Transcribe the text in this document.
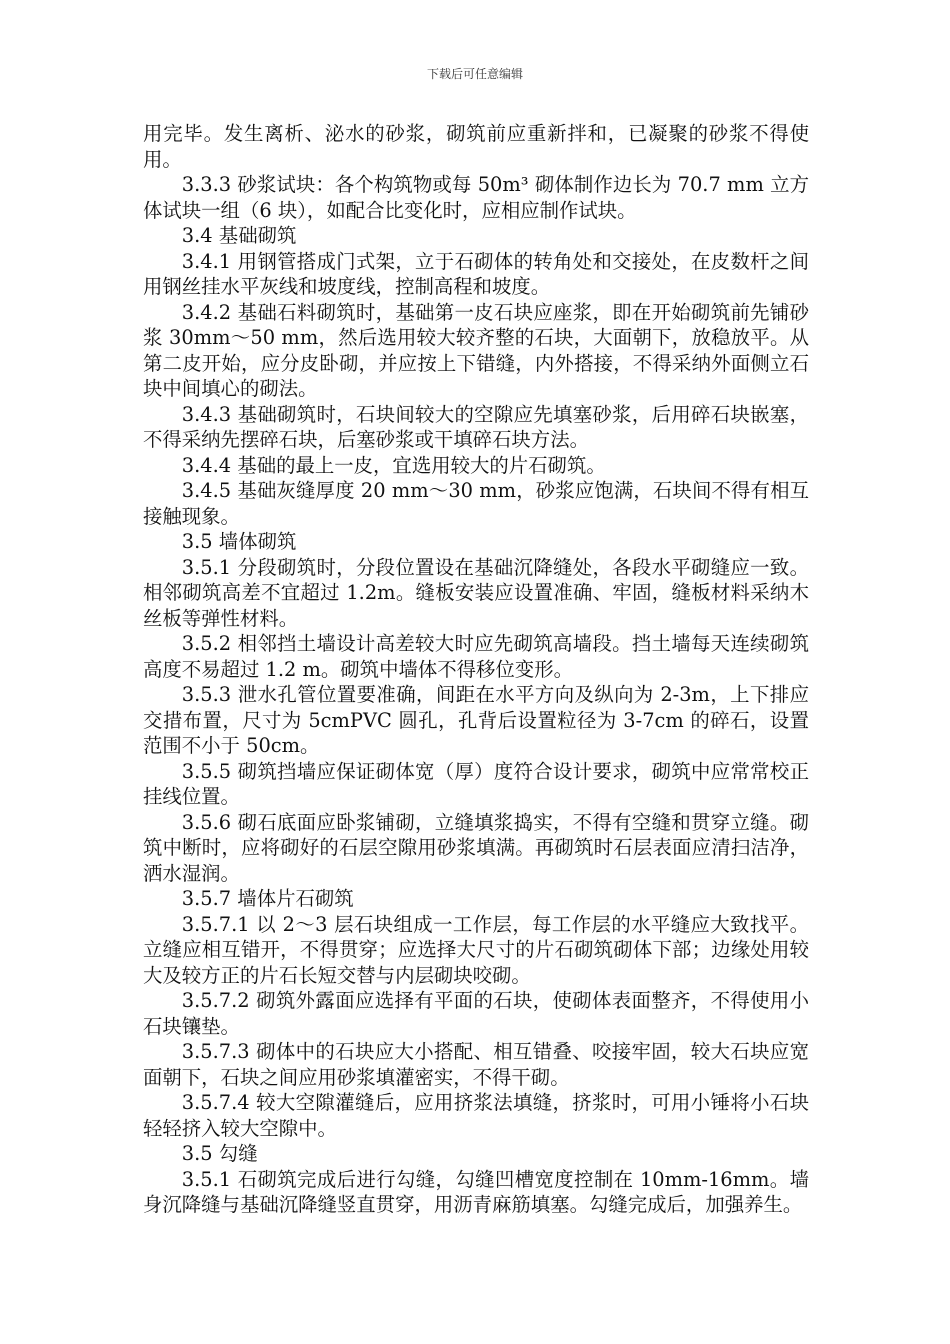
下载后可任意编辑

用完毕。发生离析、泌水的砂浆，砌筑前应重新拌和，已凝聚的砂浆不得使用。

3.3.3 砂浆试块：各个构筑物或每 50m³ 砌体制作边长为 70.7 mm 立方体试块一组（6 块），如配合比变化时，应相应制作试块。

3.4 基础砌筑

3.4.1 用钢管搭成门式架，立于石砌体的转角处和交接处，在皮数杆之间用钢丝挂水平灰线和坡度线，控制高程和坡度。

3.4.2 基础石料砌筑时，基础第一皮石块应座浆，即在开始砌筑前先铺砂浆 30mm～50 mm，然后选用较大较齐整的石块，大面朝下，放稳放平。从第二皮开始，应分皮卧砌，并应按上下错缝，内外搭接，不得采纳外面侧立石块中间填心的砌法。

3.4.3 基础砌筑时，石块间较大的空隙应先填塞砂浆，后用碎石块嵌塞，不得采纳先摆碎石块，后塞砂浆或干填碎石块方法。

3.4.4 基础的最上一皮，宜选用较大的片石砌筑。

3.4.5 基础灰缝厚度 20 mm～30 mm，砂浆应饱满，石块间不得有相互接触现象。

3.5 墙体砌筑

3.5.1 分段砌筑时，分段位置设在基础沉降缝处，各段水平砌缝应一致。相邻砌筑高差不宜超过 1.2m。缝板安装应设置准确、牢固，缝板材料采纳木丝板等弹性材料。

3.5.2 相邻挡土墙设计高差较大时应先砌筑高墙段。挡土墙每天连续砌筑高度不易超过 1.2 m。砌筑中墙体不得移位变形。

3.5.3 泄水孔管位置要准确，间距在水平方向及纵向为 2-3m，上下排应交措布置，尺寸为 5cmPVC 圆孔，孔背后设置粒径为 3-7cm 的碎石，设置范围不小于 50cm。

3.5.5 砌筑挡墙应保证砌体宽（厚）度符合设计要求，砌筑中应常常校正挂线位置。

3.5.6 砌石底面应卧浆铺砌，立缝填浆捣实，不得有空缝和贯穿立缝。砌筑中断时，应将砌好的石层空隙用砂浆填满。再砌筑时石层表面应清扫洁净，洒水湿润。

3.5.7 墙体片石砌筑

3.5.7.1 以 2～3 层石块组成一工作层，每工作层的水平缝应大致找平。立缝应相互错开，不得贯穿；应选择大尺寸的片石砌筑砌体下部；边缘处用较大及较方正的片石长短交替与内层砌块咬砌。

3.5.7.2 砌筑外露面应选择有平面的石块，使砌体表面整齐，不得使用小石块镶垫。

3.5.7.3 砌体中的石块应大小搭配、相互错叠、咬接牢固，较大石块应宽面朝下，石块之间应用砂浆填灌密实，不得干砌。

3.5.7.4 较大空隙灌缝后，应用挤浆法填缝，挤浆时，可用小锤将小石块轻轻挤入较大空隙中。

3.5 勾缝

3.5.1 石砌筑完成后进行勾缝，勾缝凹槽宽度控制在 10mm-16mm。墙身沉降缝与基础沉降缝竖直贯穿，用沥青麻筋填塞。勾缝完成后，加强养生。
